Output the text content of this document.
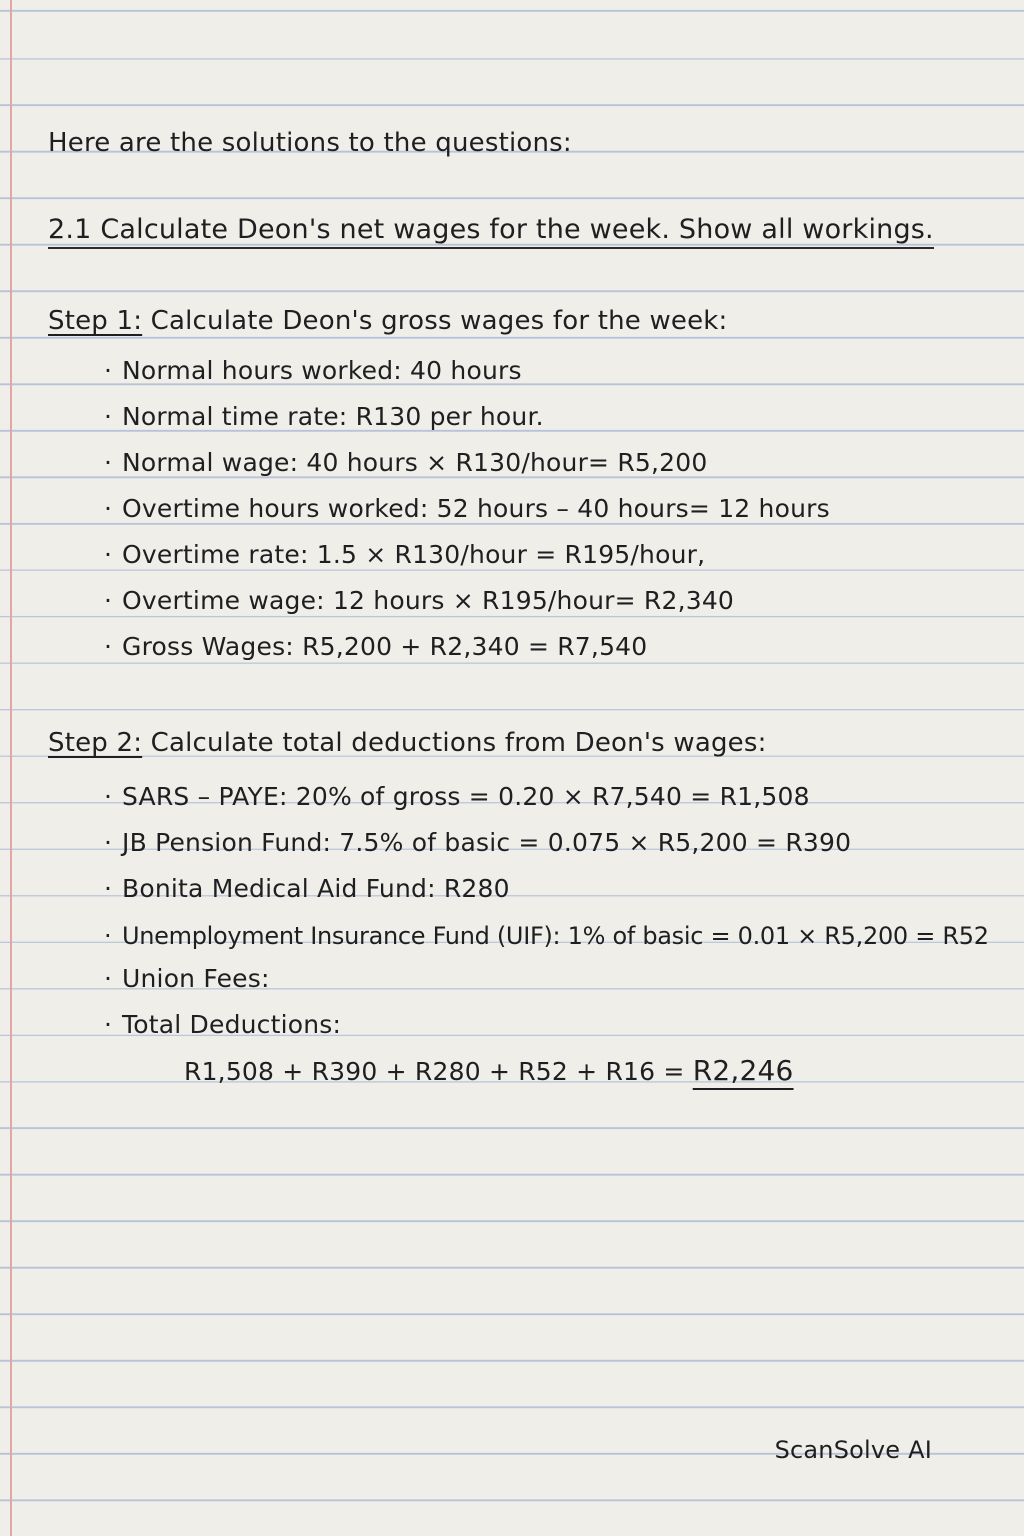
Here are the solutions to the questions:
2.1 Calculate Deon's net wages for the week. Show all workings.
Step 1: Calculate Deon's gross wages for the week:
· Normal hours worked: 40 hours
· Normal time rate: R130 per hour.
· Normal wage: 40 hours × R130/hour= R5,200
· Overtime hours worked: 52 hours – 40 hours= 12 hours
· Overtime rate: 1.5 × R130/hour = R195/hour,
· Overtime wage: 12 hours × R195/hour= R2,340
· Gross Wages: R5,200 + R2,340 = R7,540
Step 2: Calculate total deductions from Deon's wages:
· SARS – PAYE: 20% of gross = 0.20 × R7,540 = R1,508
· JB Pension Fund: 7.5% of basic = 0.075 × R5,200 = R390
· Bonita Medical Aid Fund: R280
· Unemployment Insurance Fund (UIF): 1% of basic = 0.01 × R5,200 = R52
· Union Fees:
· Total Deductions:
R1,508 + R390 + R280 + R52 + R16 = R2,246
ScanSolve AI
